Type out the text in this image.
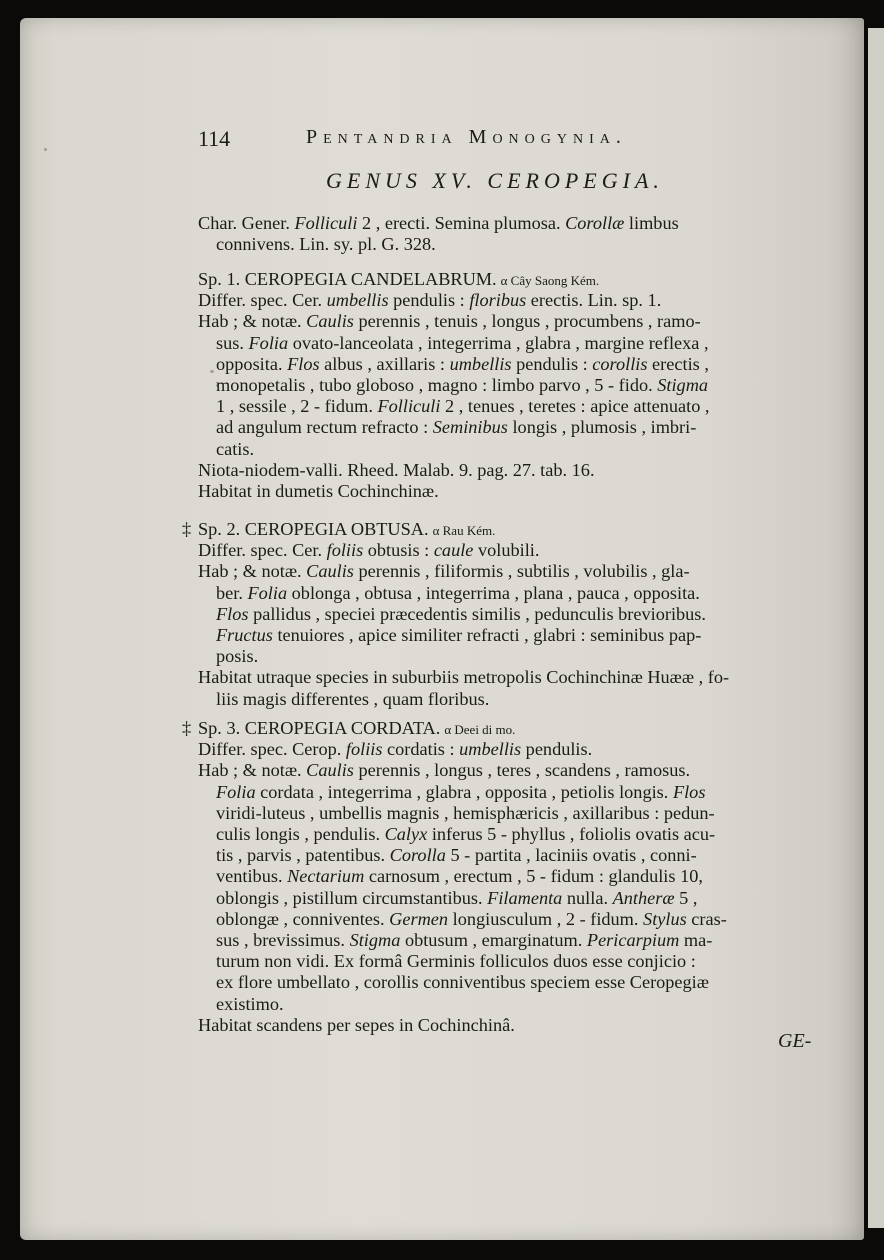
114	Pentandria Monogynia.
GENUS XV. CEROPEGIA.
Char. Gener. Folliculi 2 , erecti. Semina plumosa. Corollæ limbus
connivens. Lin. sy. pl. G. 328.
Sp. 1. CEROPEGIA CANDELABRUM. α Cây Saong Kém.
Differ. spec. Cer. umbellis pendulis : floribus erectis. Lin. sp. 1.
Hab ; & notæ. Caulis perennis , tenuis , longus , procumbens , ramo-
sus. Folia ovato-lanceolata , integerrima , glabra , margine reflexa ,
opposita. Flos albus , axillaris : umbellis pendulis : corollis erectis ,
monopetalis , tubo globoso , magno : limbo parvo , 5 - fido. Stigma
1 , sessile , 2 - fidum. Folliculi 2 , tenues , teretes : apice attenuato ,
ad angulum rectum refracto : Seminibus longis , plumosis , imbri-
catis.
Niota-niodem-valli. Rheed. Malab. 9. pag. 27. tab. 16.
Habitat in dumetis Cochinchinæ.
‡ Sp. 2. CEROPEGIA OBTUSA. α Rau Kém.
Differ. spec. Cer. foliis obtusis : caule volubili.
Hab ; & notæ. Caulis perennis , filiformis , subtilis , volubilis , gla-
ber. Folia oblonga , obtusa , integerrima , plana , pauca , opposita.
Flos pallidus , speciei præcedentis similis , pedunculis brevioribus.
Fructus tenuiores , apice similiter refracti , glabri : seminibus pap-
posis.
Habitat utraque species in suburbiis metropolis Cochinchinæ Huææ , fo-
liis magis differentes , quam floribus.
‡ Sp. 3. CEROPEGIA CORDATA. α Deei di mo.
Differ. spec. Cerop. foliis cordatis : umbellis pendulis.
Hab ; & notæ. Caulis perennis , longus , teres , scandens , ramosus.
Folia cordata , integerrima , glabra , opposita , petiolis longis. Flos
viridi-luteus , umbellis magnis , hemisphæricis , axillaribus : pedun-
culis longis , pendulis. Calyx inferus 5 - phyllus , foliolis ovatis acu-
tis , parvis , patentibus. Corolla 5 - partita , laciniis ovatis , conni-
ventibus. Nectarium carnosum , erectum , 5 - fidum : glandulis 10,
oblongis , pistillum circumstantibus. Filamenta nulla. Antheræ 5 ,
oblongæ , conniventes. Germen longiusculum , 2 - fidum. Stylus cras-
sus , brevissimus. Stigma obtusum , emarginatum. Pericarpium ma-
turum non vidi. Ex formâ Germinis folliculos duos esse conjicio :
ex flore umbellato , corollis conniventibus speciem esse Ceropegiæ
existimo.
Habitat scandens per sepes in Cochinchinâ.
GE-
